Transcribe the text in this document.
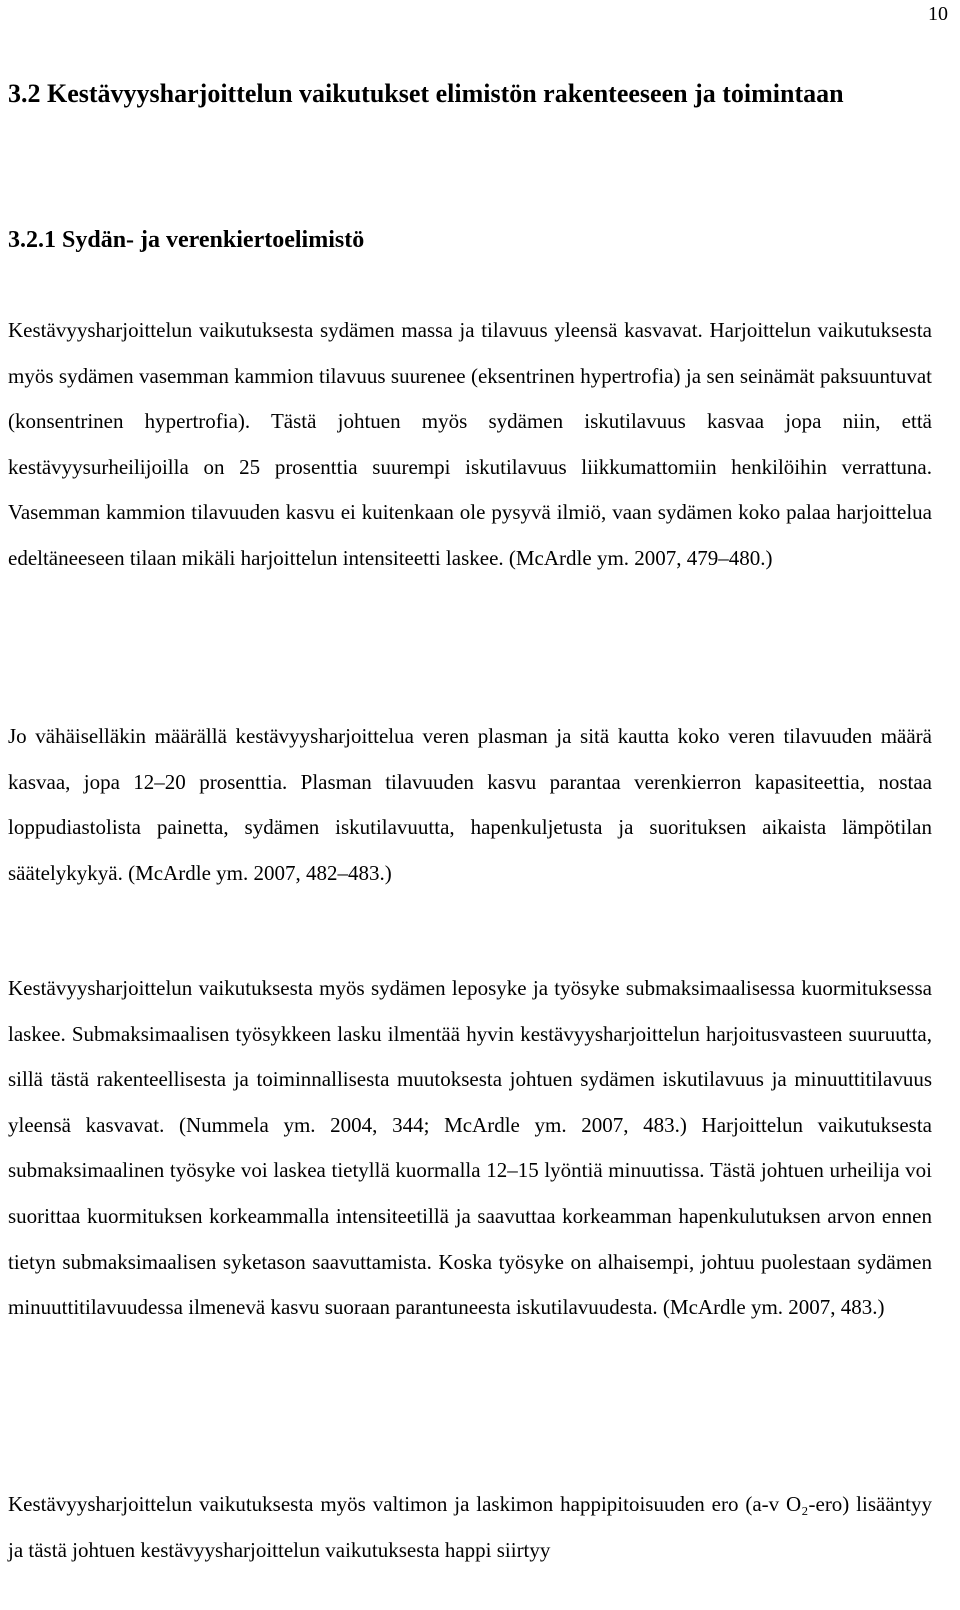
10
3.2 Kestävyysharjoittelun vaikutukset elimistön rakenteeseen ja toimintaan
3.2.1 Sydän- ja verenkiertoelimistö

Kestävyysharjoittelun vaikutuksesta sydämen massa ja tilavuus yleensä kasvavat. Harjoittelun vaikutuksesta myös sydämen vasemman kammion tilavuus suurenee (eksentrinen hypertrofia) ja sen seinämät paksuuntuvat (konsentrinen hypertrofia). Tästä johtuen myös sydämen iskutilavuus kasvaa jopa niin, että kestävyysurheilijoilla on 25 prosenttia suurempi iskutilavuus liikkumattomiin henkilöihin verrattuna. Vasemman kammion tilavuuden kasvu ei kuitenkaan ole pysyvä ilmiö, vaan sydämen koko palaa harjoittelua edeltäneeseen tilaan mikäli harjoittelun intensiteetti laskee. (McArdle ym. 2007, 479–480.)

Jo vähäiselläkin määrällä kestävyysharjoittelua veren plasman ja sitä kautta koko veren tilavuuden määrä kasvaa, jopa 12–20 prosenttia. Plasman tilavuuden kasvu parantaa verenkierron kapasiteettia, nostaa loppudiastolista painetta, sydämen iskutilavuutta, hapenkuljetusta ja suorituksen aikaista lämpötilan säätelykykyä. (McArdle ym. 2007, 482–483.)

Kestävyysharjoittelun vaikutuksesta myös sydämen leposyke ja työsyke submaksimaalisessa kuormituksessa laskee. Submaksimaalisen työsykkeen lasku ilmentää hyvin kestävyysharjoittelun harjoitusvasteen suuruutta, sillä tästä rakenteellisesta ja toiminnallisesta muutoksesta johtuen sydämen iskutilavuus ja minuuttitilavuus yleensä kasvavat. (Nummela ym. 2004, 344; McArdle ym. 2007, 483.) Harjoittelun vaikutuksesta submaksimaalinen työsyke voi laskea tietyllä kuormalla 12–15 lyöntiä minuutissa. Tästä johtuen urheilija voi suorittaa kuormituksen korkeammalla intensiteetillä ja saavuttaa korkeamman hapenkulutuksen arvon ennen tietyn submaksimaalisen syketason saavuttamista. Koska työsyke on alhaisempi, johtuu puolestaan sydämen minuuttitilavuudessa ilmenevä kasvu suoraan parantuneesta iskutilavuudesta. (McArdle ym. 2007, 483.)

Kestävyysharjoittelun vaikutuksesta myös valtimon ja laskimon happipitoisuuden ero (a-v O₂-ero) lisääntyy ja tästä johtuen kestävyysharjoittelun vaikutuksesta happi siirtyy
